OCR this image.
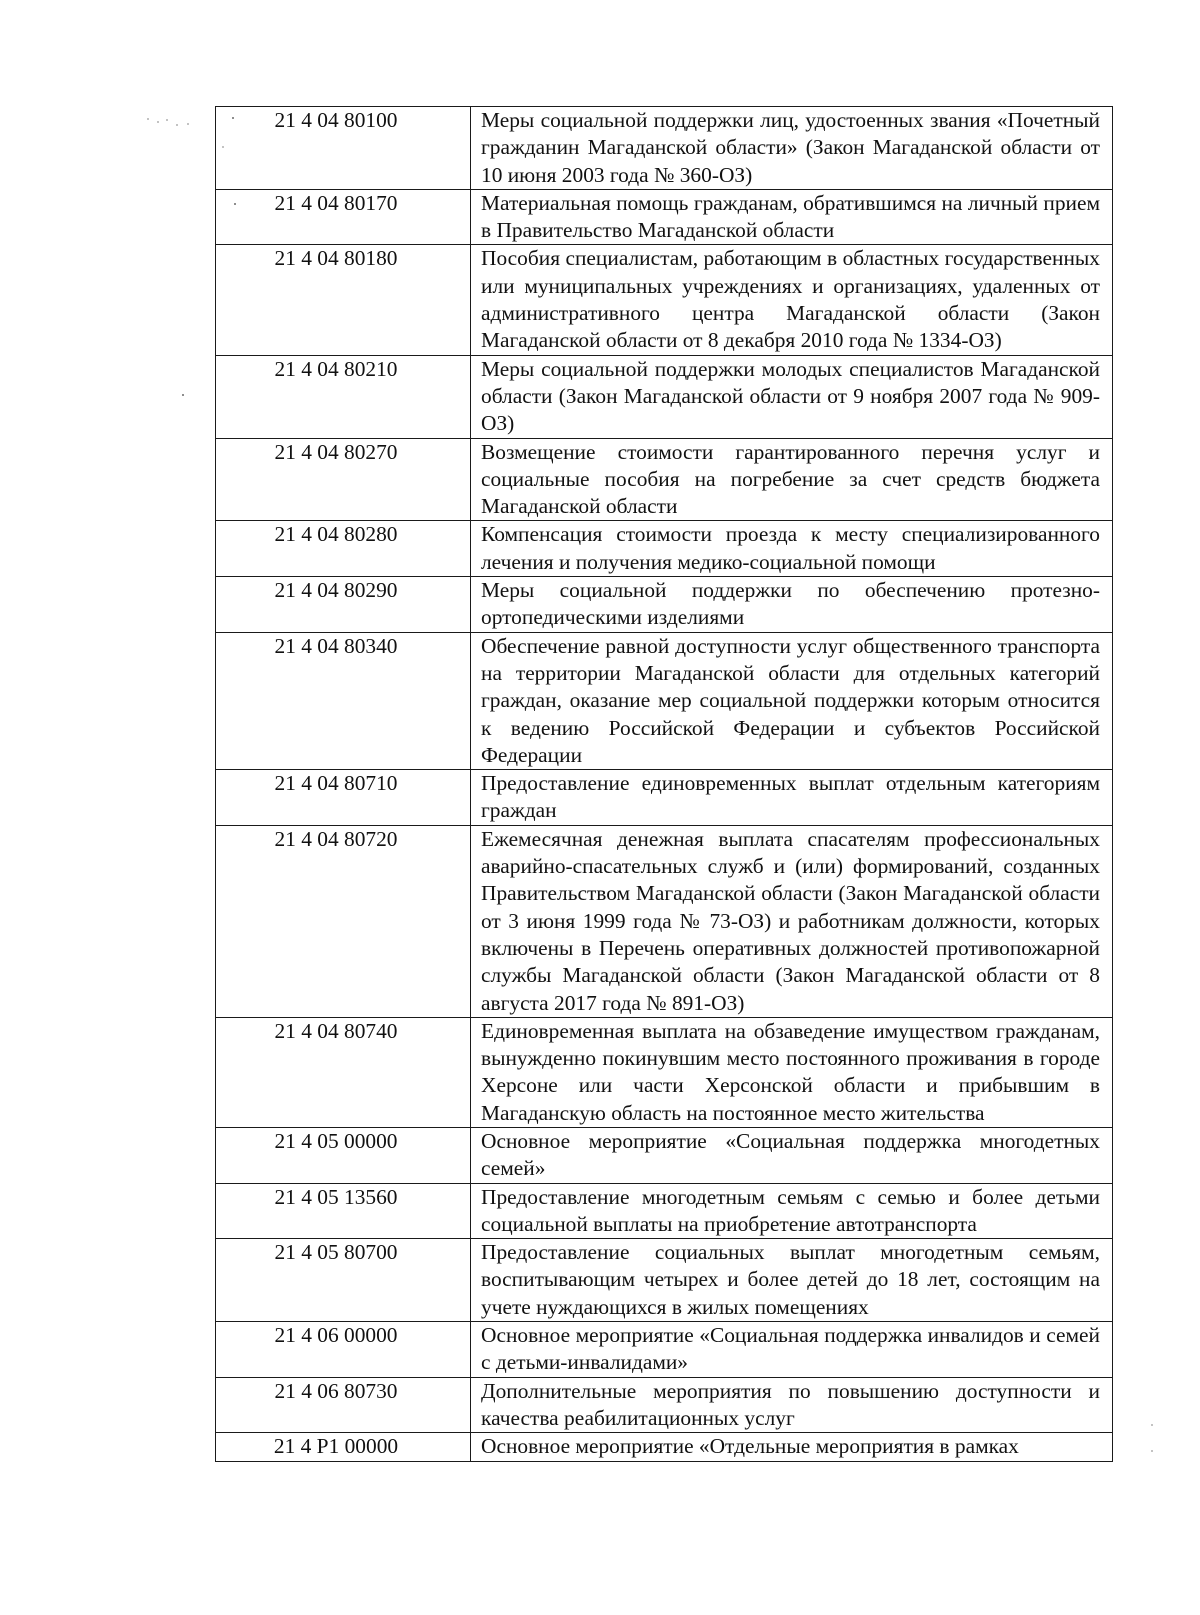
21 4 04 80100	Меры социальной поддержки лиц, удостоенных звания «Почетный гражданин Магаданской области» (Закон Магаданской области от 10 июня 2003 года № 360-ОЗ)
21 4 04 80170	Материальная помощь гражданам, обратившимся на личный прием в Правительство Магаданской области
21 4 04 80180	Пособия специалистам, работающим в областных государственных или муниципальных учреждениях и организациях, удаленных от административного центра Магаданской области (Закон Магаданской области от 8 декабря 2010 года № 1334-ОЗ)
21 4 04 80210	Меры социальной поддержки молодых специалистов Магаданской области (Закон Магаданской области от 9 ноября 2007 года № 909-ОЗ)
21 4 04 80270	Возмещение стоимости гарантированного перечня услуг и социальные пособия на погребение за счет средств бюджета Магаданской области
21 4 04 80280	Компенсация стоимости проезда к месту специализированного лечения и получения медико-социальной помощи
21 4 04 80290	Меры социальной поддержки по обеспечению протезно-ортопедическими изделиями
21 4 04 80340	Обеспечение равной доступности услуг общественного транспорта на территории Магаданской области для отдельных категорий граждан, оказание мер социальной поддержки которым относится к ведению Российской Федерации и субъектов Российской Федерации
21 4 04 80710	Предоставление единовременных выплат отдельным категориям граждан
21 4 04 80720	Ежемесячная денежная выплата спасателям профессиональных аварийно-спасательных служб и (или) формирований, созданных Правительством Магаданской области (Закон Магаданской области от 3 июня 1999 года № 73-ОЗ) и работникам должности, которых включены в Перечень оперативных должностей противопожарной службы Магаданской области (Закон Магаданской области от 8 августа 2017 года № 891-ОЗ)
21 4 04 80740	Единовременная выплата на обзаведение имуществом гражданам, вынужденно покинувшим место постоянного проживания в городе Херсоне или части Херсонской области и прибывшим в Магаданскую область на постоянное место жительства
21 4 05 00000	Основное мероприятие «Социальная поддержка многодетных семей»
21 4 05 13560	Предоставление многодетным семьям с семью и более детьми социальной выплаты на приобретение автотранспорта
21 4 05 80700	Предоставление социальных выплат многодетным семьям, воспитывающим четырех и более детей до 18 лет, состоящим на учете нуждающихся в жилых помещениях
21 4 06 00000	Основное мероприятие «Социальная поддержка инвалидов и семей с детьми-инвалидами»
21 4 06 80730	Дополнительные мероприятия по повышению доступности и качества реабилитационных услуг
21 4 Р1 00000	Основное мероприятие «Отдельные мероприятия в рамках
